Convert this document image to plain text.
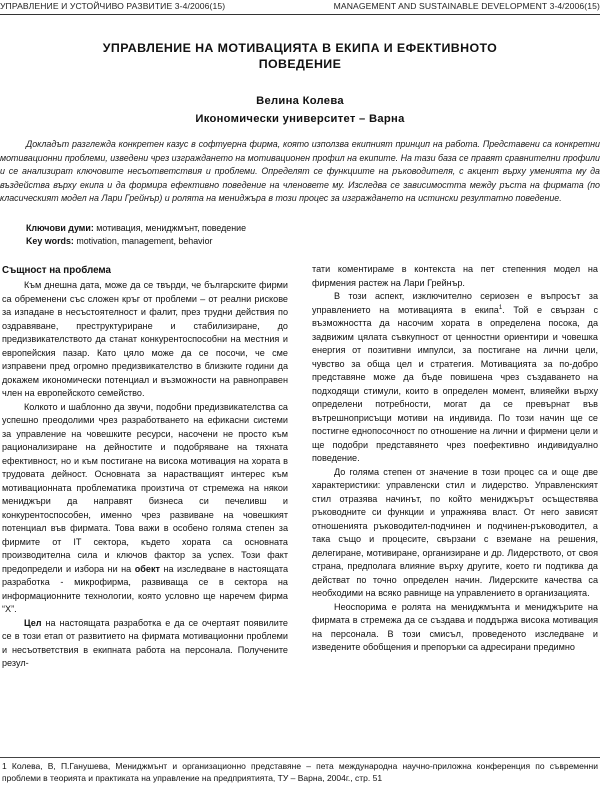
УПРАВЛЕНИЕ И УСТОЙЧИВО РАЗВИТИЕ 3-4/2006(15)	MANAGEMENT AND SUSTAINABLE DEVELOPMENT 3-4/2006(15)
УПРАВЛЕНИЕ НА МОТИВАЦИЯТА В ЕКИПА И ЕФЕКТИВНОТО
ПОВЕДЕНИЕ
Велина Колева
Икономически университет – Варна
Докладът разглежда конкретен казус в софтуерна фирма, която използва екипният принцип на работа. Представени са конкретни мотивационни проблеми, изведени чрез изграждането на мотивационен профил на екипите. На тази база се правят сравнителни профили и се анализират ключовите несъответствия и проблеми. Определят се функциите на ръководителя, с акцент върху уменията му да въздейства върху екипа и да формира ефективно поведение на членовете му. Изследва се зависимостта между ръста на фирмата (по класическият модел на Лари Грейнър) и ролята на мениджъра в този процес за изграждането на истински резултатно поведение.
Ключови думи: мотивация, мениджмънт, поведение
Key words: motivation, management, behavior
Същност на проблема

Към днешна дата, може да се твърди, че българските фирми са обременени със сложен кръг от проблеми – от реални рискове за изпадане в несъстоятелност и фалит, през трудни действия по оздравяване, преструктуриране и стабилизиране, до предизвикателството да станат конкурентоспособни на местния и европейския пазар. Като цяло може да се посочи, че сме изправени пред огромно предизвикателство в близките години да докажем икономически потенциал и възможности на равноправен член на европейското семейство.

Колкото и шаблонно да звучи, подобни предизвикателства са успешно преодолими чрез разработването на ефикасни системи за управление на човешките ресурси, насочени не просто към рационализиране на дейностите и подобряване на тяхната ефективност, но и към постигане на висока мотивация на хората в трудовата дейност. Основната за нарастващият интерес към мотивационната проблематика произтича от стремежа на някои мениджъри да направят бизнеса си печеливш и конкурентоспособен, именно чрез развиване на човешкият потенциал във фирмата. Това важи в особено голяма степен за фирмите от IT сектора, където хората са основната производителна сила и ключов фактор за успех. Този факт предопредели и избора ни на обект на изследване в настоящата разработка - микрофирма, развиваща се в сектора на информационните технологии, която условно ще наречем фирма “Х”.

Цел на настоящата разработка е да се очертаят появилите се в този етап от развитието на фирмата мотивационни проблеми и несъответствия в екипната работа на персонала. Получените резул-

тати коментираме в контекста на пет степенния модел на фирмения растеж на Лари Грейнър.

В този аспект, изключително сериозен е въпросът за управлението на мотивацията в екипа$^1$. Той е свързан с възможността да насочим хората в определена посока, да задвижим цялата съвкупност от ценностни ориентири и човешка енергия от позитивни импулси, за постигане на лични цели, чувство за обща цел и стратегия. Мотивацията за по-добро представяне може да бъде повишена чрез създаването на подходящи стимули, които в определен момент, влияейки върху определени потребности, могат да се превърнат във вътрешноприсъщи мотиви на индивида. По този начин ще се постигне еднопосочност по отношение на лични и фирмени цели и ще подобри представянето чрез поефективно индивидуално поведение.

До голяма степен от значение в този процес са и още две характеристики: управленски стил и лидерство. Управленският стил отразява начинът, по който мениджърът осъществява ръководните си функции и упражнява власт. От него зависят отношенията ръководител-подчинен и подчинен-ръководител, а така също и процесите, свързани с вземане на решения, делегиране, мотивиране, организиране и др. Лидерството, от своя страна, предполага влияние върху другите, което ги подтиква да действат по точно определен начин. Лидерските качества са необходими на всяко равнище на управлението в организацията.

Неоспорима е ролята на мениджмънта и мениджърите на фирмата в стремежа да се създава и поддържа висока мотивация на персонала. В този смисъл, проведеното изследване и изведените обобщения и препоръки са адресирани предимно

1 Колева, В, П.Ганушева, Мениджмънт и организационно представяне – пета международна научно-приложна конференция по съвременни проблеми в теорията и практиката на управление на предприятията, ТУ – Варна, 2004г., стр. 51
